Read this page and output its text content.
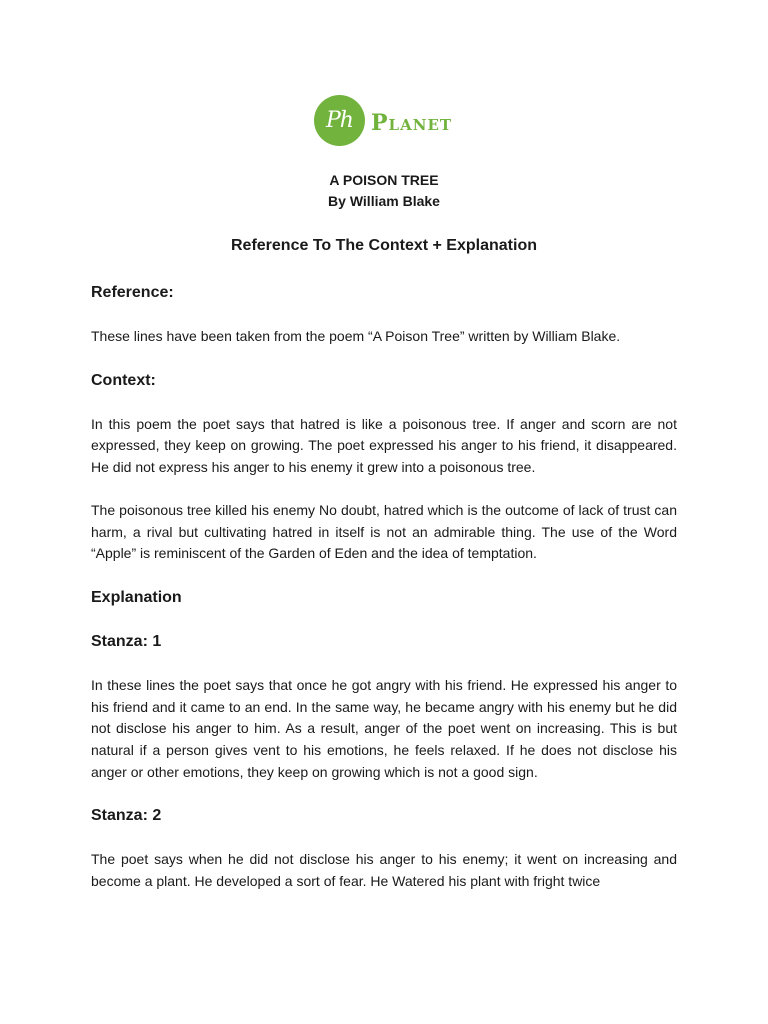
Ph Planet

A POISON TREE

By William Blake

Reference To The Context + Explanation
Reference:

These lines have been taken from the poem “A Poison Tree” written by William Blake.

Context:

In this poem the poet says that hatred is like a poisonous tree. If anger and scorn are not expressed, they keep on growing. The poet expressed his anger to his friend, it disappeared. He did not express his anger to his enemy it grew into a poisonous tree.

The poisonous tree killed his enemy No doubt, hatred which is the outcome of lack of trust can harm, a rival but cultivating hatred in itself is not an admirable thing. The use of the Word “Apple” is reminiscent of the Garden of Eden and the idea of temptation.

Explanation
Stanza: 1

In these lines the poet says that once he got angry with his friend. He expressed his anger to his friend and it came to an end. In the same way, he became angry with his enemy but he did not disclose his anger to him. As a result, anger of the poet went on increasing. This is but natural if a person gives vent to his emotions, he feels relaxed. If he does not disclose his anger or other emotions, they keep on growing which is not a good sign.

Stanza: 2

The poet says when he did not disclose his anger to his enemy; it went on increasing and become a plant. He developed a sort of fear. He Watered his plant with fright twice
